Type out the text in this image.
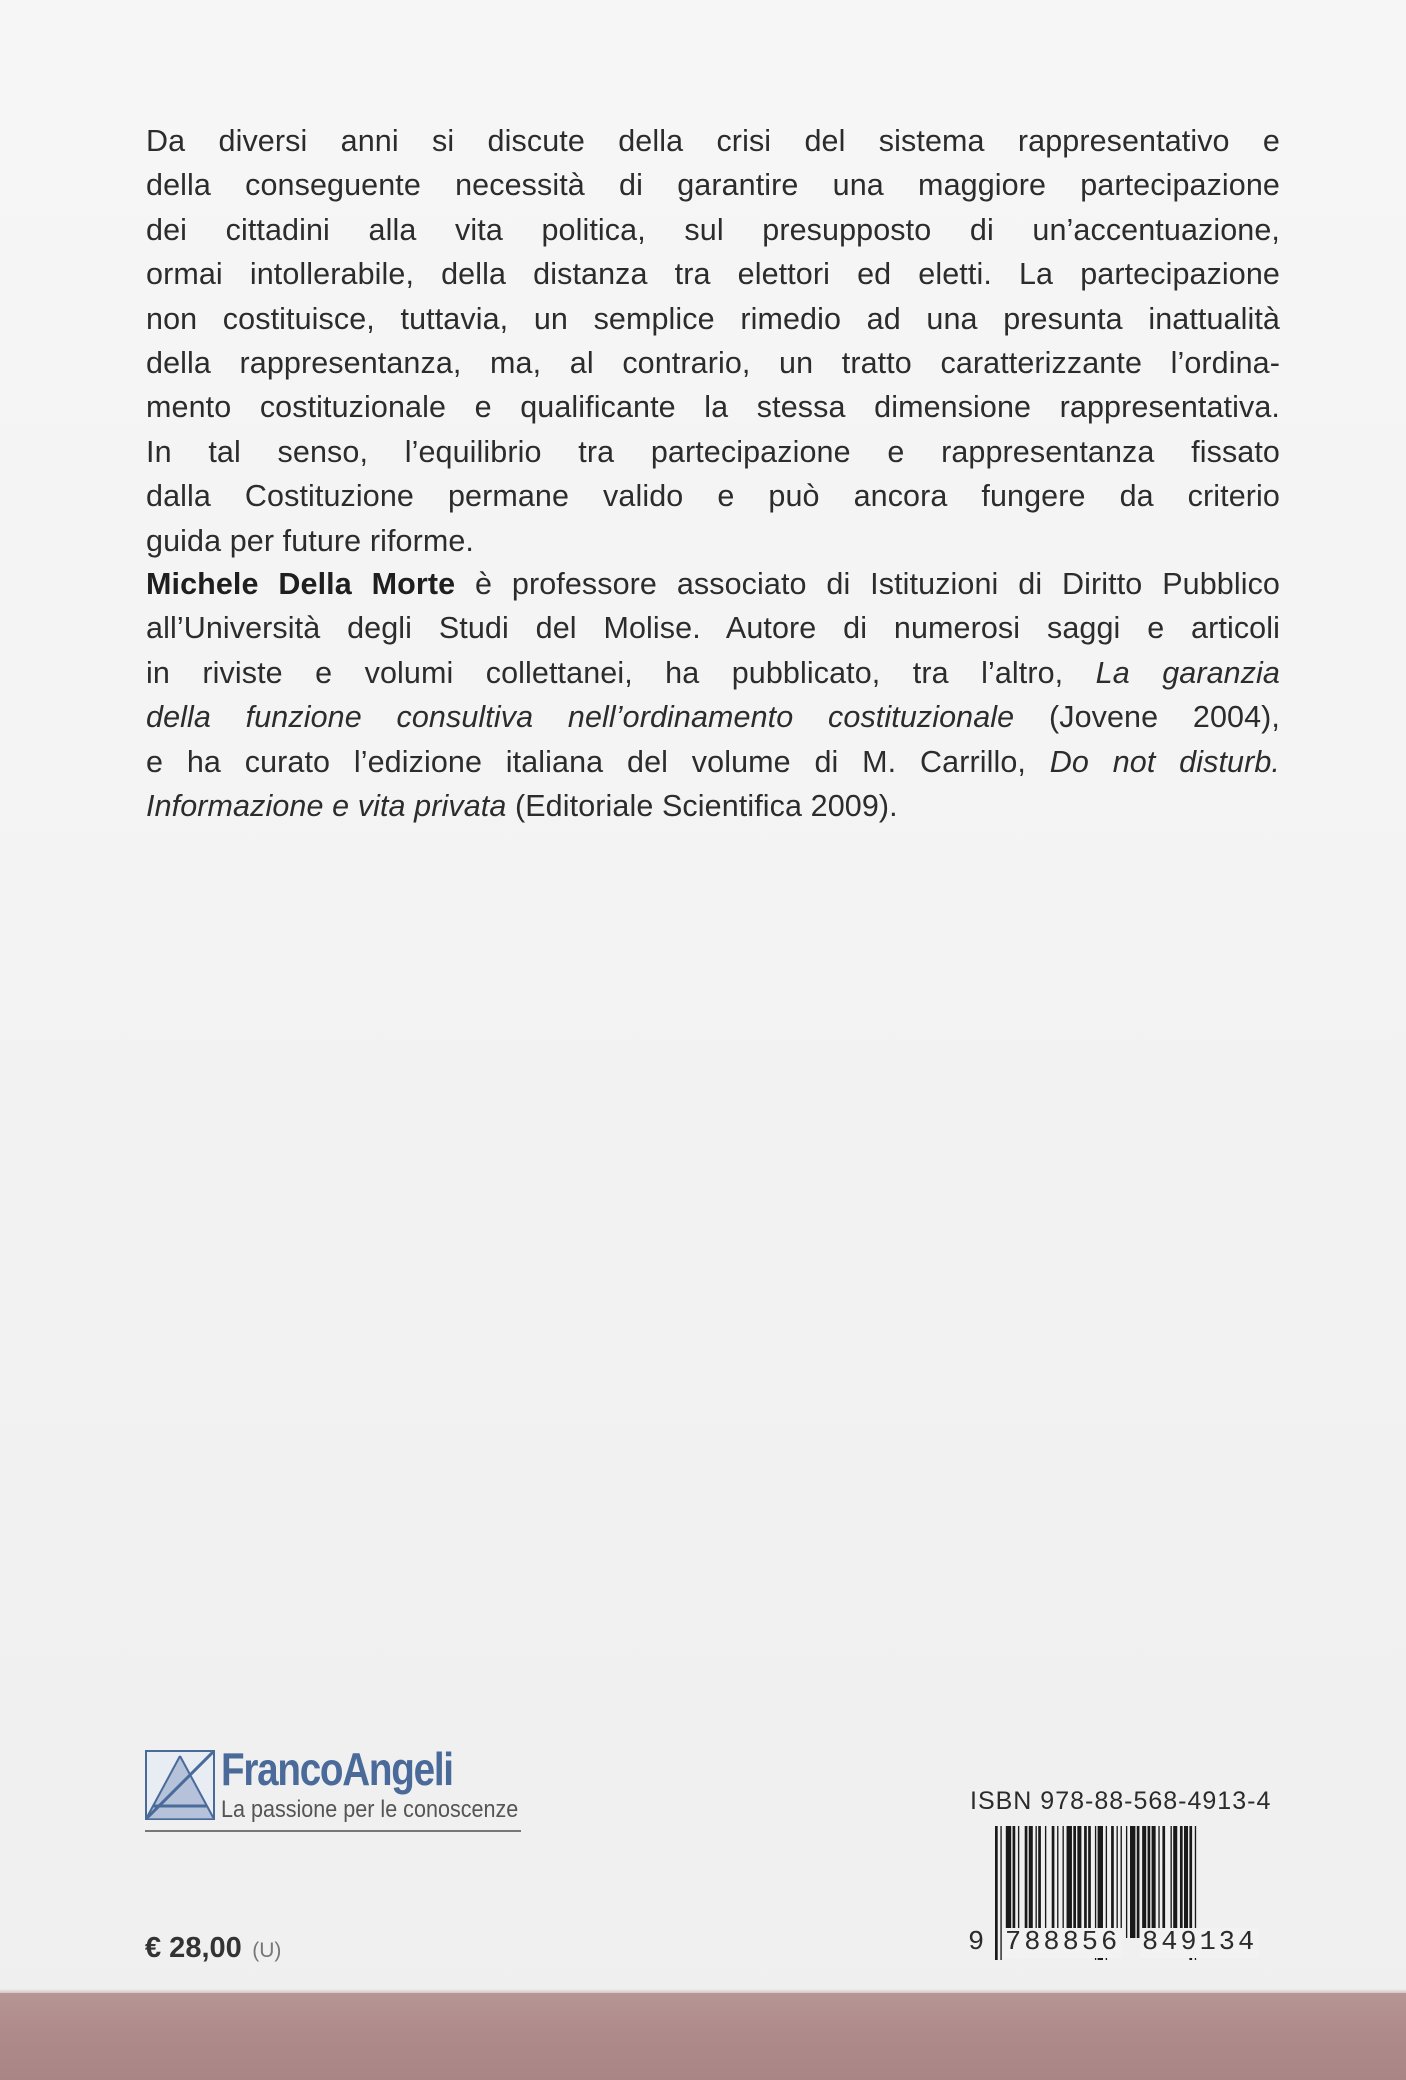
Da diversi anni si discute della crisi del sistema rappresentativo e
della conseguente necessità di garantire una maggiore partecipazione
dei cittadini alla vita politica, sul presupposto di un’accentuazione,
ormai intollerabile, della distanza tra elettori ed eletti. La partecipazione
non costituisce, tuttavia, un semplice rimedio ad una presunta inattualità
della rappresentanza, ma, al contrario, un tratto caratterizzante l’ordina-
mento costituzionale e qualificante la stessa dimensione rappresentativa.
In tal senso, l’equilibrio tra partecipazione e rappresentanza fissato
dalla Costituzione permane valido e può ancora fungere da criterio
guida per future riforme.
Michele Della Morte è professore associato di Istituzioni di Diritto Pubblico
all’Università degli Studi del Molise. Autore di numerosi saggi e articoli
in riviste e volumi collettanei, ha pubblicato, tra l’altro, La garanzia
della funzione consultiva nell’ordinamento costituzionale (Jovene 2004),
e ha curato l’edizione italiana del volume di M. Carrillo, Do not disturb.
Informazione e vita privata (Editoriale Scientifica 2009).
FrancoAngeli
La passione per le conoscenze
€ 28,00 (U)
ISBN 978-88-568-4913-4
9 788856 849134
